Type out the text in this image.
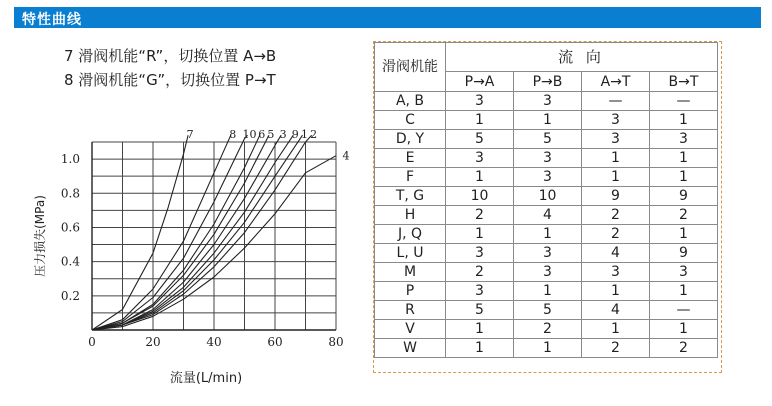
特性曲线
7 滑阀机能“R”，切换位置 A→B
8 滑阀机能“G”，切换位置 P→T
0	20	40	60	80
0.2
0.4
0.6
0.8
1.0
流量(L/min)
压力损失(MPa)
7	8 10 6 5 3 9 1 2
4
滑阀机能	流 向			
	P→A	P→B	A→T	B→T
A, B	3	3	—	—
C	1	1	3	1
D, Y	5	5	3	3
E	3	3	1	1
F	1	3	1	1
T, G	10	10	9	9
H	2	4	2	2
J, Q	1	1	2	1
L, U	3	3	4	9
M	2	3	3	3
P	3	1	1	1
R	5	5	4	—
V	1	2	1	1
W	1	1	2	2
